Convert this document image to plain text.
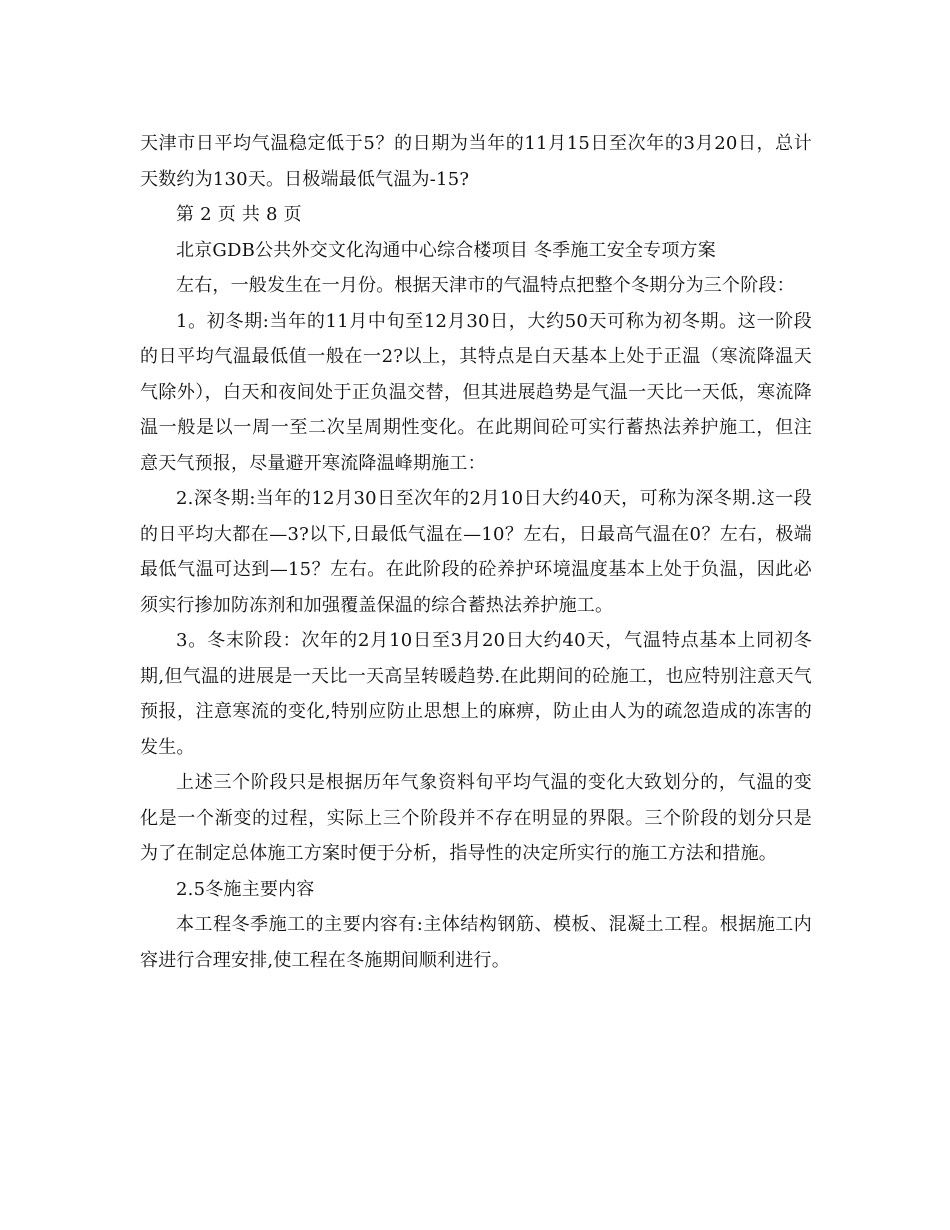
天津市日平均气温稳定低于5？的日期为当年的11月15日至次年的3月20日，总计天数约为130天。日极端最低气温为-15?

第 2 页 共 8 页

北京GDB公共外交文化沟通中心综合楼项目 冬季施工安全专项方案

左右，一般发生在一月份。根据天津市的气温特点把整个冬期分为三个阶段：

1。初冬期:当年的11月中旬至12月30日，大约50天可称为初冬期。这一阶段的日平均气温最低值一般在一2?以上，其特点是白天基本上处于正温（寒流降温天气除外），白天和夜间处于正负温交替，但其进展趋势是气温一天比一天低，寒流降温一般是以一周一至二次呈周期性变化。在此期间砼可实行蓄热法养护施工，但注意天气预报，尽量避开寒流降温峰期施工：

2.深冬期:当年的12月30日至次年的2月10日大约40天，可称为深冬期.这一段的日平均大都在—3?以下,日最低气温在—10？左右，日最高气温在0？左右，极端最低气温可达到—15？左右。在此阶段的砼养护环境温度基本上处于负温，因此必须实行掺加防冻剂和加强覆盖保温的综合蓄热法养护施工。

3。冬末阶段：次年的2月10日至3月20日大约40天，气温特点基本上同初冬期,但气温的进展是一天比一天高呈转暖趋势.在此期间的砼施工，也应特别注意天气预报，注意寒流的变化,特别应防止思想上的麻痹，防止由人为的疏忽造成的冻害的发生。

上述三个阶段只是根据历年气象资料旬平均气温的变化大致划分的，气温的变化是一个渐变的过程，实际上三个阶段并不存在明显的界限。三个阶段的划分只是为了在制定总体施工方案时便于分析，指导性的决定所实行的施工方法和措施。

2.5冬施主要内容

本工程冬季施工的主要内容有:主体结构钢筋、模板、混凝土工程。根据施工内容进行合理安排,使工程在冬施期间顺利进行。
